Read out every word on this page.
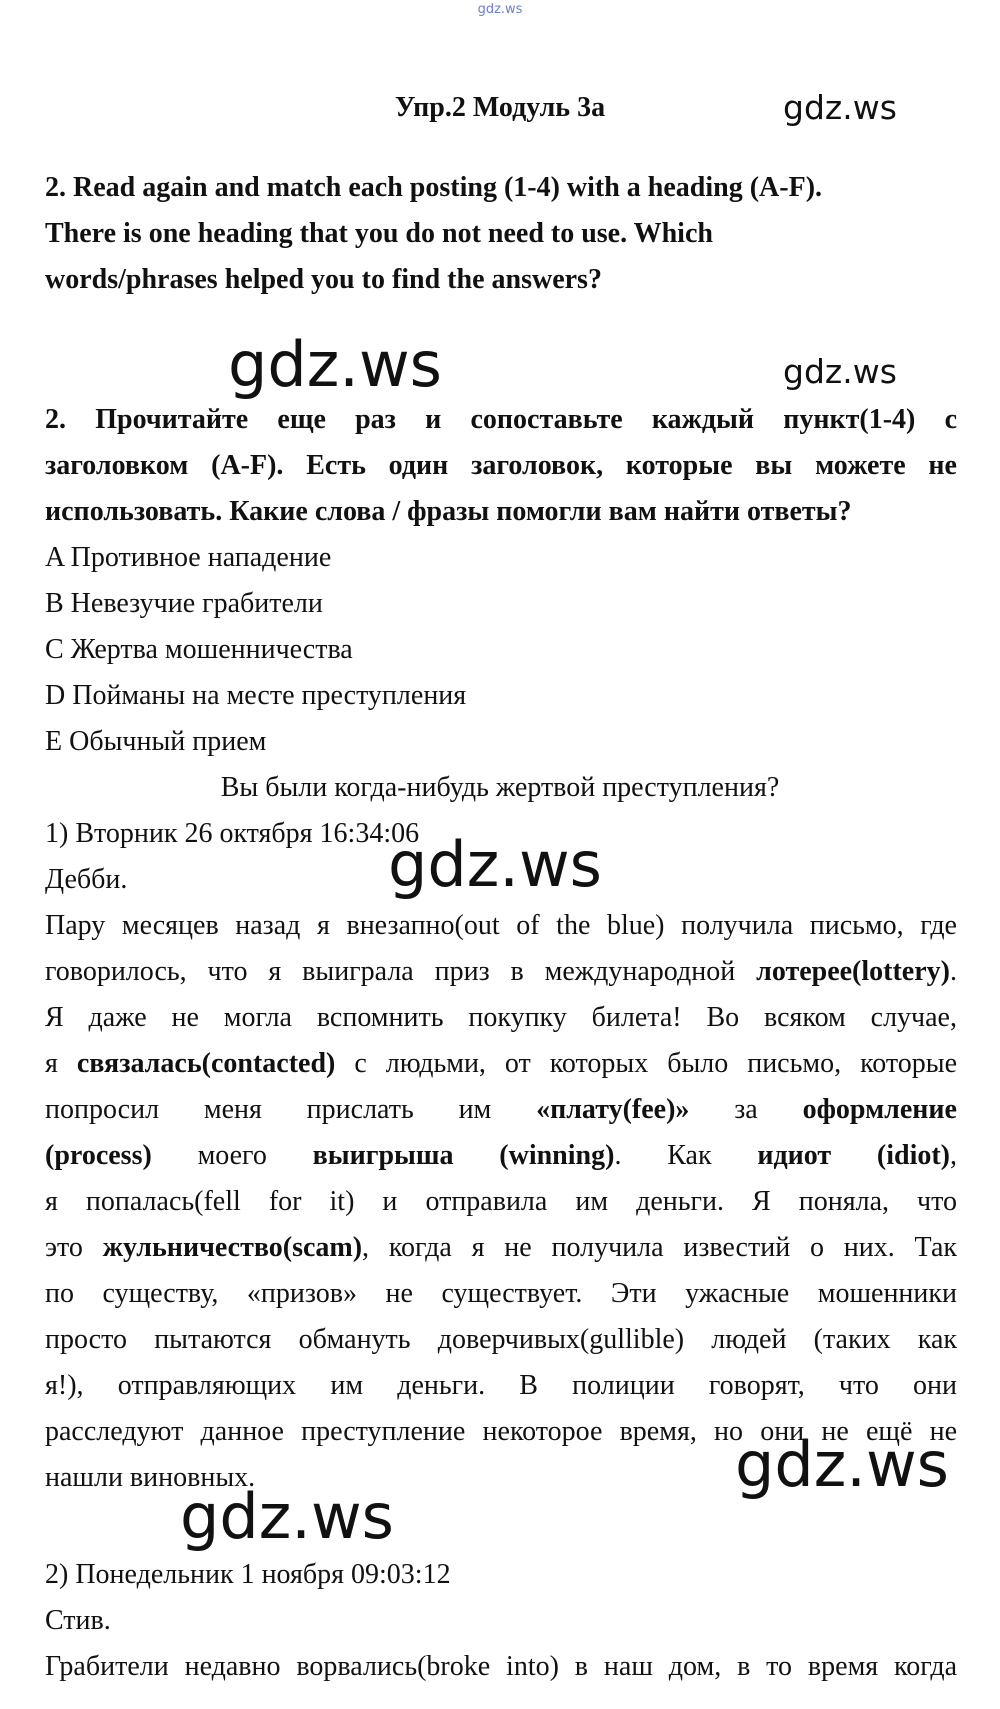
gdz.ws
gdz.ws
gdz.ws	gdz.ws
gdz.ws
gdz.ws
gdz.ws
Упр.2 Модуль 3а
2. Read again and match each posting (1-4) with a heading (A-F).
There is one heading that you do not need to use. Which
words/phrases helped you to find the answers?
2. Прочитайте еще раз и сопоставьте каждый пункт(1-4) с
заголовком (A-F). Есть один заголовок, которые вы можете не
использовать. Какие слова / фразы помогли вам найти ответы?
A Противное нападение
B Невезучие грабители
C Жертва мошенничества
D Пойманы на месте преступления
E Обычный прием
Вы были когда-нибудь жертвой преступления?
1) Вторник 26 октября 16:34:06
Дебби.
Пару месяцев назад я внезапно(out of the blue) получила письмо, где
говорилось, что я выиграла приз в международной лотерее(lottery).
Я даже не могла вспомнить покупку билета! Во всяком случае,
я связалась(contacted) с людьми, от которых было письмо, которые
попросил меня прислать им «плату(fee)» за оформление
(process) моего выигрыша (winning). Как идиот (idiot),
я попалась(fell for it) и отправила им деньги. Я поняла, что
это жульничество(scam), когда я не получила известий о них. Так
по существу, «призов» не существует. Эти ужасные мошенники
просто пытаются обмануть доверчивых(gullible) людей (таких как
я!), отправляющих им деньги. В полиции говорят, что они
расследуют данное преступление некоторое время, но они не ещё не
нашли виновных.
2) Понедельник 1 ноября 09:03:12
Стив.
Грабители недавно ворвались(broke into) в наш дом, в то время когда
